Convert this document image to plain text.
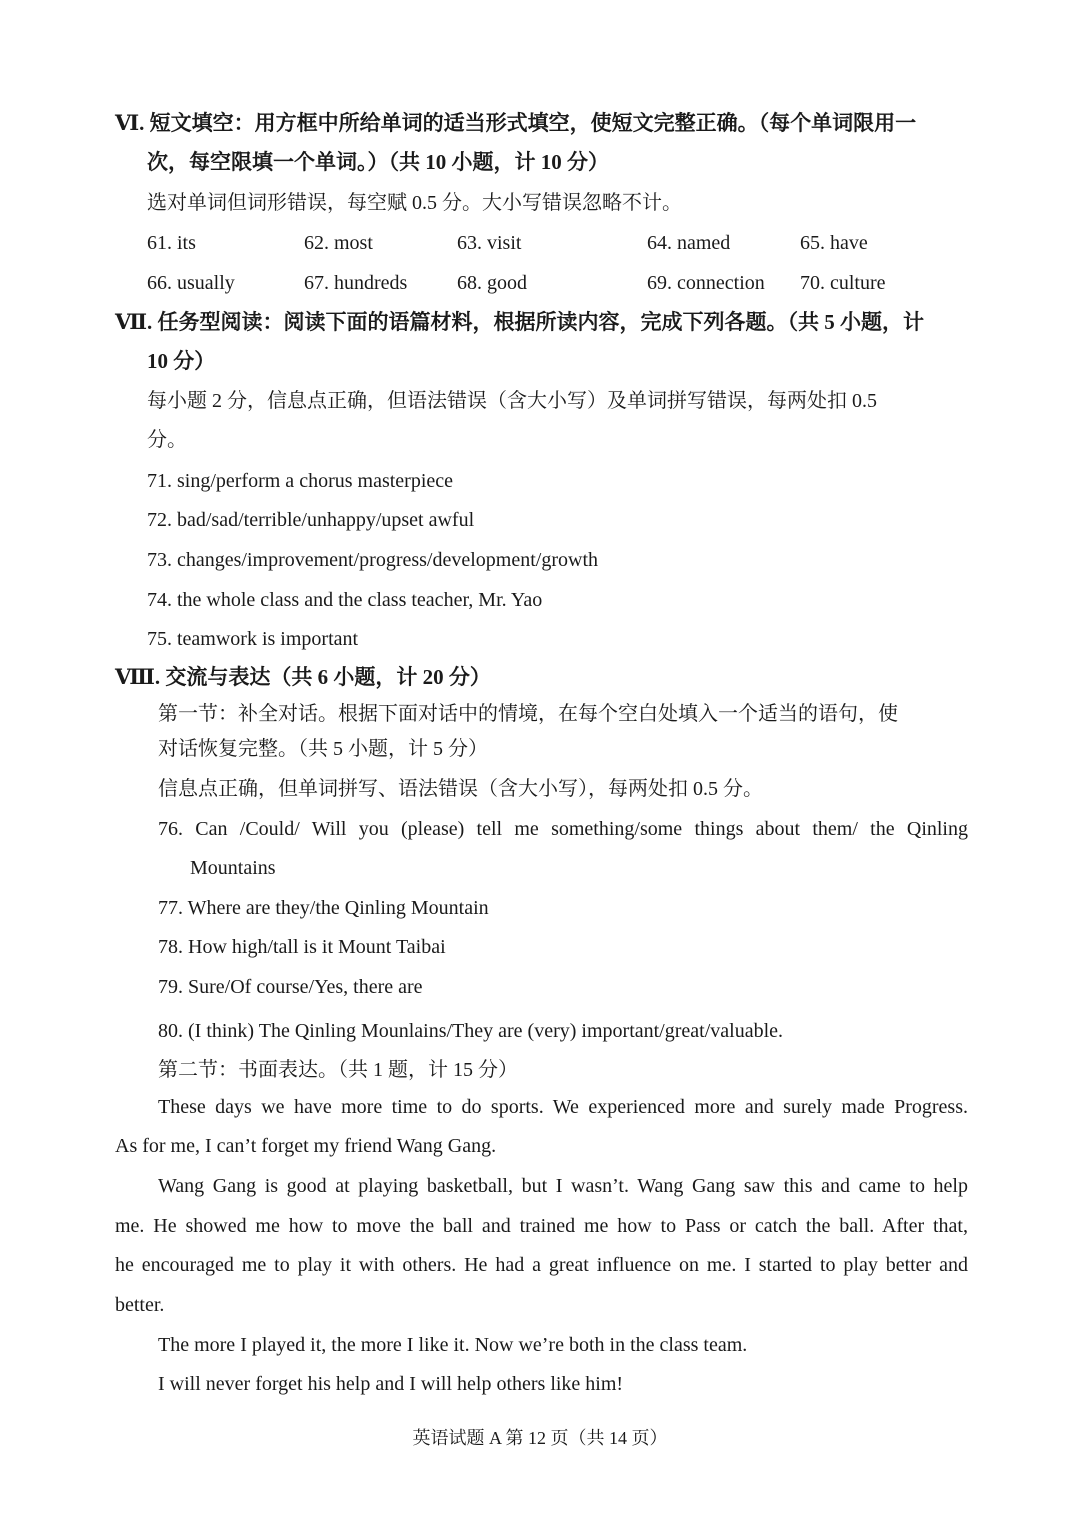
Ⅵ. 短文填空：用方框中所给单词的适当形式填空，使短文完整正确。（每个单词限用一
次，每空限填一个单词。）（共 10 小题，计 10 分）
选对单词但词形错误，每空赋 0.5 分。大小写错误忽略不计。
61. its	62. most	63. visit	64. named	65. have
66. usually	67. hundreds 68. good	69. connection 70. culture
Ⅶ. 任务型阅读：阅读下面的语篇材料，根据所读内容，完成下列各题。（共 5 小题，计
10 分）
每小题 2 分，信息点正确，但语法错误（含大小写）及单词拼写错误，每两处扣 0.5
分。
71. sing/perform a chorus masterpiece
72. bad/sad/terrible/unhappy/upset awful
73. changes/improvement/progress/development/growth
74. the whole class and the class teacher, Mr. Yao
75. teamwork is important
Ⅷ. 交流与表达（共 6 小题，计 20 分）
第一节：补全对话。根据下面对话中的情境，在每个空白处填入一个适当的语句，使
对话恢复完整。（共 5 小题，计 5 分）
信息点正确，但单词拼写、语法错误（含大小写），每两处扣 0.5 分。
76. Can /Could/ Will you (please) tell me something/some things about them/ the Qinling
Mountains
77. Where are they/the Qinling Mountain
78. How high/tall is it Mount Taibai
79. Sure/Of course/Yes, there are
80. (I think) The Qinling Mounlains/They are (very) important/great/valuable.
第二节：书面表达。（共 1 题，计 15 分）
These days we have more time to do sports. We experienced more and surely made Progress.
As for me, I can’t forget my friend Wang Gang.
Wang Gang is good at playing basketball, but I wasn’t. Wang Gang saw this and came to help
me. He showed me how to move the ball and trained me how to Pass or catch the ball. After that,
he encouraged me to play it with others. He had a great influence on me. I started to play better and
better.
The more I played it, the more I like it. Now we’re both in the class team.
I will never forget his help and I will help others like him!
英语试题 A 第 12 页（共 14 页）
